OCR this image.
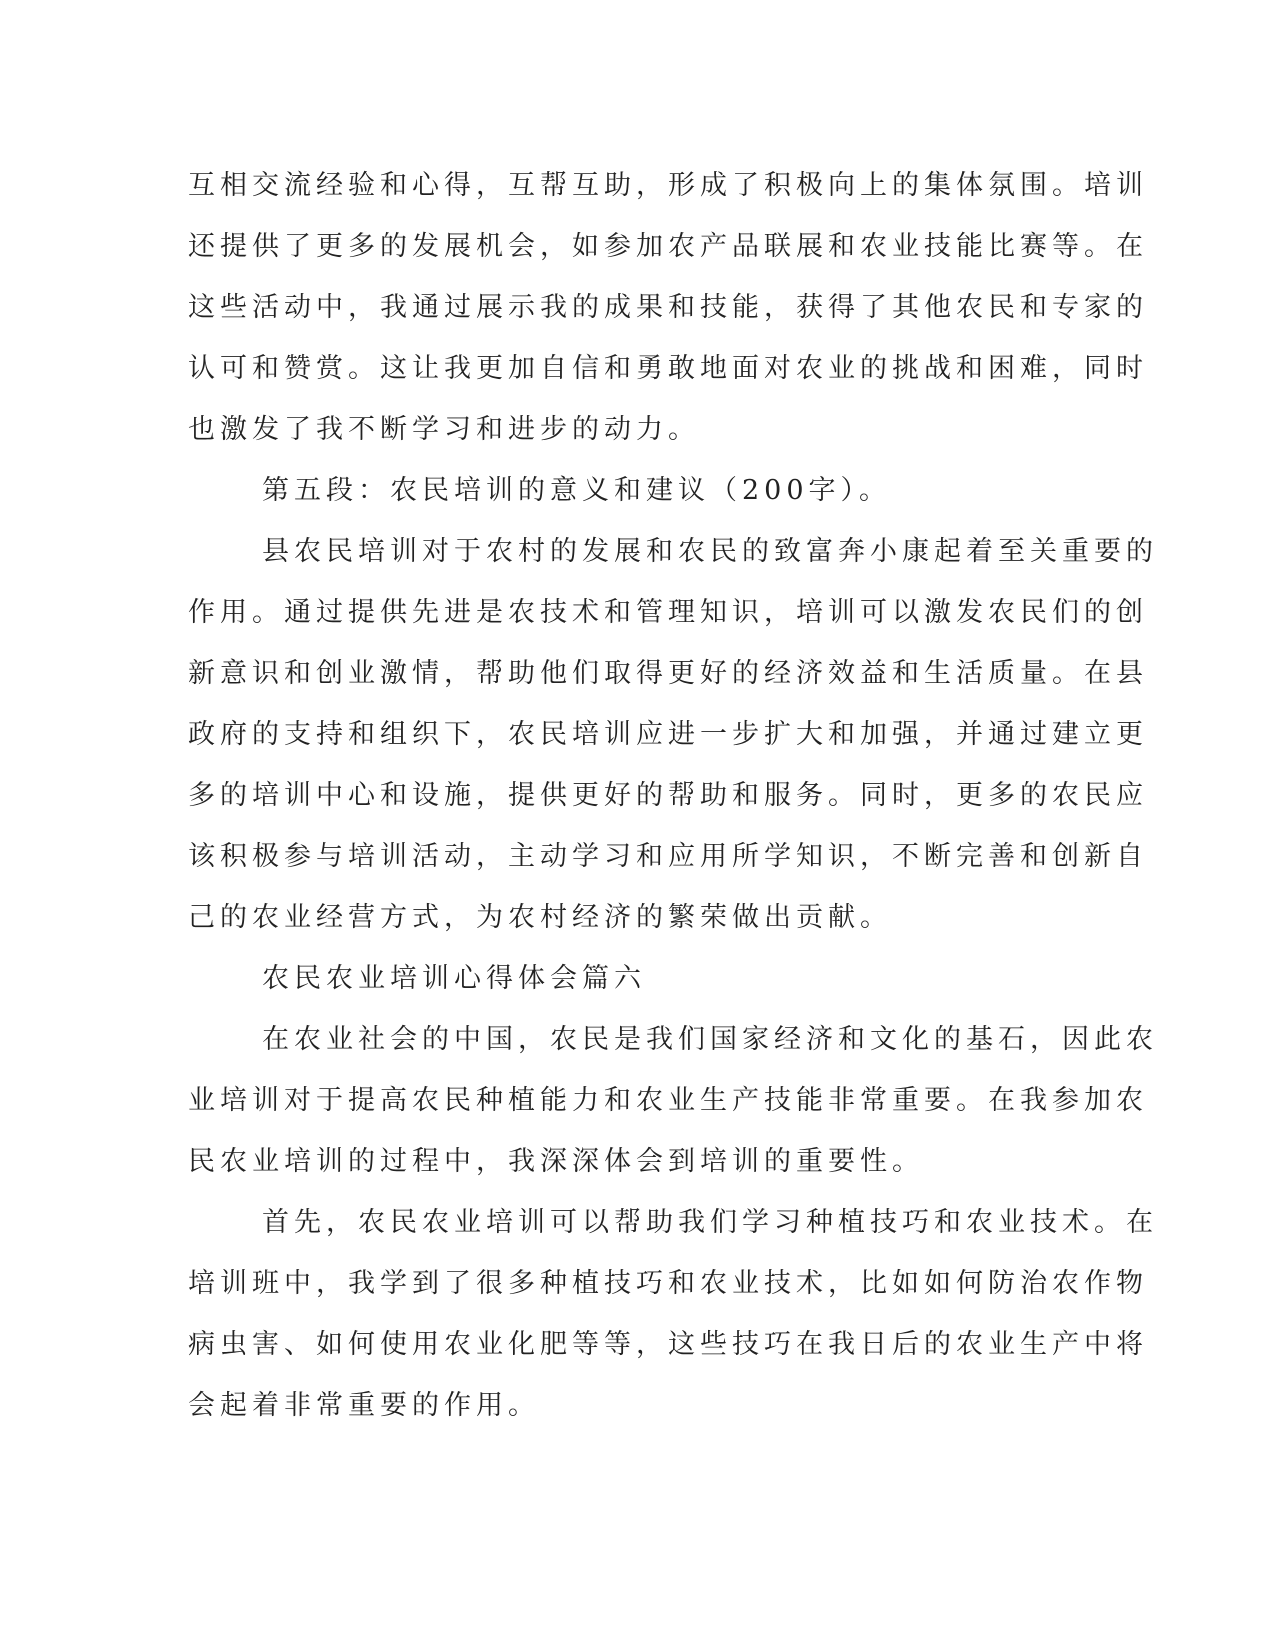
互相交流经验和心得，互帮互助，形成了积极向上的集体氛围。培训
还提供了更多的发展机会，如参加农产品联展和农业技能比赛等。在
这些活动中，我通过展示我的成果和技能，获得了其他农民和专家的
认可和赞赏。这让我更加自信和勇敢地面对农业的挑战和困难，同时
也激发了我不断学习和进步的动力。
第五段：农民培训的意义和建议（200字）。
县农民培训对于农村的发展和农民的致富奔小康起着至关重要的
作用。通过提供先进是农技术和管理知识，培训可以激发农民们的创
新意识和创业激情，帮助他们取得更好的经济效益和生活质量。在县
政府的支持和组织下，农民培训应进一步扩大和加强，并通过建立更
多的培训中心和设施，提供更好的帮助和服务。同时，更多的农民应
该积极参与培训活动，主动学习和应用所学知识，不断完善和创新自
己的农业经营方式，为农村经济的繁荣做出贡献。
农民农业培训心得体会篇六
在农业社会的中国，农民是我们国家经济和文化的基石，因此农
业培训对于提高农民种植能力和农业生产技能非常重要。在我参加农
民农业培训的过程中，我深深体会到培训的重要性。
首先，农民农业培训可以帮助我们学习种植技巧和农业技术。在
培训班中，我学到了很多种植技巧和农业技术，比如如何防治农作物
病虫害、如何使用农业化肥等等，这些技巧在我日后的农业生产中将
会起着非常重要的作用。
